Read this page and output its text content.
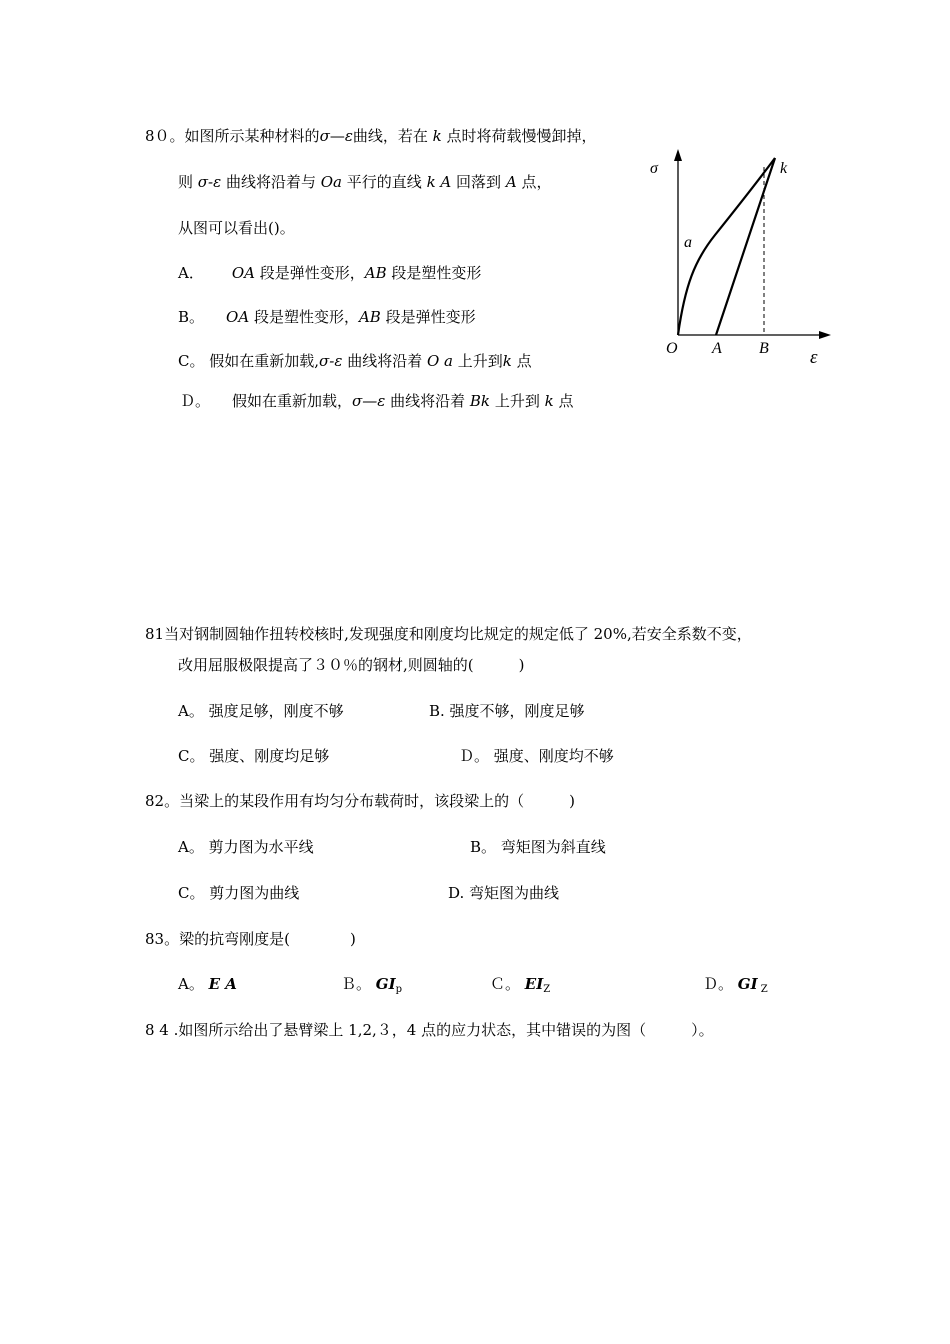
8０。如图所示某种材料的σ—ε曲线，若在 k 点时将荷载慢慢卸掉，
则 σ-ε 曲线将沿着与 Oa 平行的直线 k A 回落到 A 点，
从图可以看出()。
A． OA 段是弹性变形，AB 段是塑性变形
B。 OA 段是塑性变形，AB 段是弹性变形
C。 假如在重新加载,σ-ε 曲线将沿着 O a 上升到k 点
Ｄ。 假如在重新加载，σ—ε 曲线将沿着 Bk 上升到 k 点
σ	k
a
O A B ε
81当对钢制圆轴作扭转校核时,发现强度和刚度均比规定的规定低了 20%,若安全系数不变，
改用屈服极限提高了３０％的钢材,则圆轴的(　　　)
A。 强度足够，刚度不够	B. 强度不够，刚度足够
C。 强度、刚度均足够	Ｄ。 强度、刚度均不够
82。当梁上的某段作用有均匀分布载荷时，该段梁上的（　　　)
A。 剪力图为水平线	B。 弯矩图为斜直线
C。 剪力图为曲线	D. 弯矩图为曲线
83。梁的抗弯刚度是(　　　　)
A。 E A	Ｂ。 $GI_p$	Ｃ。 $EI_Z$	Ｄ。 GI $_Z$
8 4 .如图所示给出了悬臂梁上 1,2,３，4 点的应力状态，其中错误的为图（　　　）。
